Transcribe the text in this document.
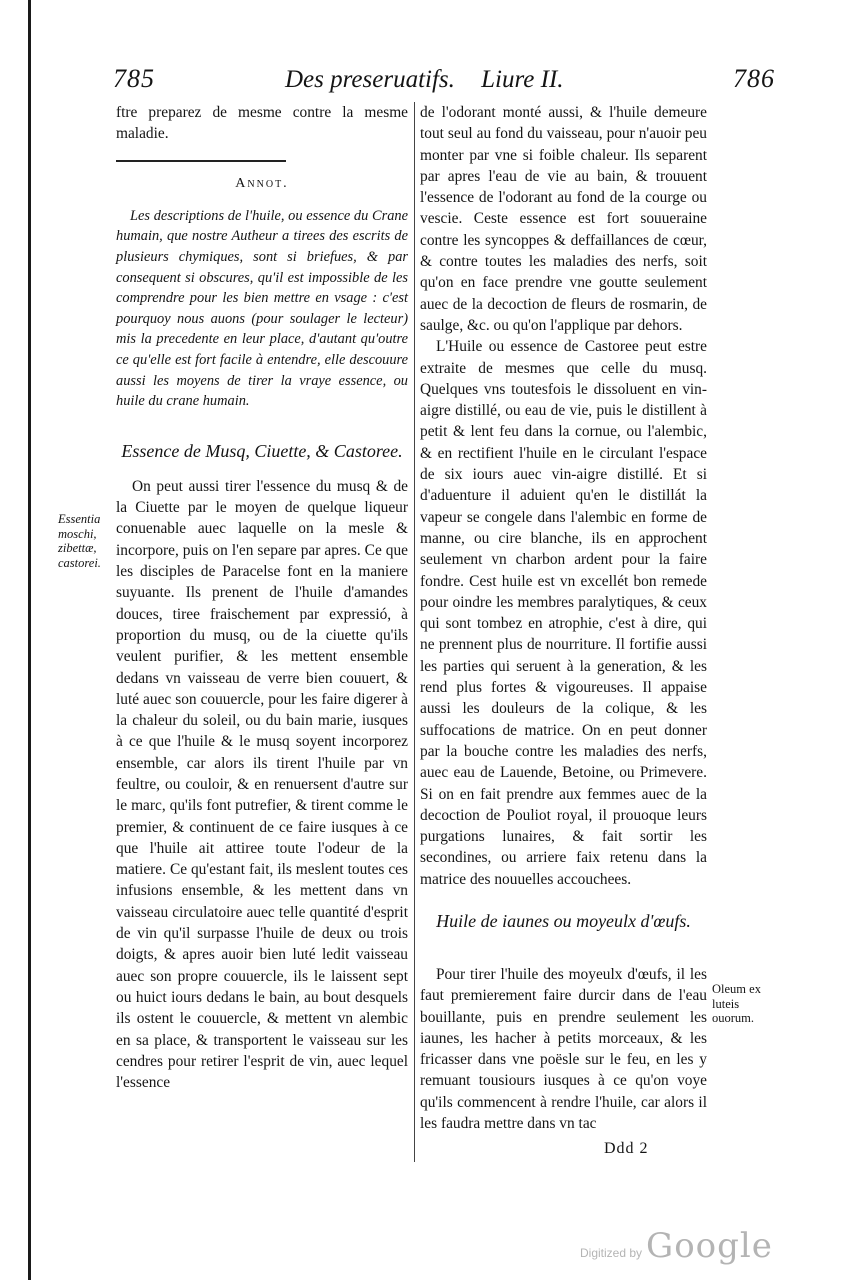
785	Des preseruatifs. Liure II.	786

ftre preparez de mesme contre la mesme maladie.

Annot.

Les descriptions de l'huile, ou essence du Crane humain, que nostre Autheur a tirees des escrits de plusieurs chymiques, sont si briefues, & par consequent si obscures, qu'il est impossible de les comprendre pour les bien mettre en vsage : c'est pourquoy nous auons (pour soulager le lecteur) mis la precedente en leur place, d'autant qu'outre ce qu'elle est fort facile à entendre, elle descouure aussi les moyens de tirer la vraye essence, ou huile du crane humain.

Essence de Musq, Ciuette, & Castoree.

On peut aussi tirer l'essence du musq & de la Ciuette par le moyen de quelque liqueur conuenable auec laquelle on la mesle & incorpore, puis on l'en separe par apres. Ce que les disciples de Paracelse font en la maniere suyuante. Ils prenent de l'huile d'amandes douces, tiree fraischement par expressió, à proportion du musq, ou de la ciuette qu'ils veulent purifier, & les mettent ensemble dedans vn vaisseau de verre bien couuert, & luté auec son couuercle, pour les faire digerer à la chaleur du soleil, ou du bain marie, iusques à ce que l'huile & le musq soyent incorporez ensemble, car alors ils tirent l'huile par vn feultre, ou couloir, & en renuersent d'autre sur le marc, qu'ils font putrefier, & tirent comme le premier, & continuent de ce faire iusques à ce que l'huile ait attiree toute l'odeur de la matiere. Ce qu'estant fait, ils meslent toutes ces infusions ensemble, & les mettent dans vn vaisseau circulatoire auec telle quantité d'esprit de vin qu'il surpasse l'huile de deux ou trois doigts, & apres auoir bien luté ledit vaisseau auec son propre couuercle, ils le laissent sept ou huict iours dedans le bain, au bout desquels ils ostent le couuercle, & mettent vn alembic en sa place, & transportent le vaisseau sur les cendres pour retirer l'esprit de vin, auec lequel l'essence

de l'odorant monté aussi, & l'huile demeure tout seul au fond du vaisseau, pour n'auoir peu monter par vne si foible chaleur. Ils separent par apres l'eau de vie au bain, & trouuent l'essence de l'odorant au fond de la courge ou vescie. Ceste essence est fort souueraine contre les syncoppes & deffaillances de cœur, & contre toutes les maladies des nerfs, soit qu'on en face prendre vne goutte seulement auec de la decoction de fleurs de rosmarin, de saulge, &c. ou qu'on l'applique par dehors.

L'Huile ou essence de Castoree peut estre extraite de mesmes que celle du musq. Quelques vns toutesfois le dissoluent en vin-aigre distillé, ou eau de vie, puis le distillent à petit & lent feu dans la cornue, ou l'alembic, & en rectifient l'huile en le circulant l'espace de six iours auec vin-aigre distillé. Et si d'aduenture il aduient qu'en le distillát la vapeur se congele dans l'alembic en forme de manne, ou cire blanche, ils en approchent seulement vn charbon ardent pour la faire fondre. Cest huile est vn excellét bon remede pour oindre les membres paralytiques, & ceux qui sont tombez en atrophie, c'est à dire, qui ne prennent plus de nourriture. Il fortifie aussi les parties qui seruent à la generation, & les rend plus fortes & vigoureuses. Il appaise aussi les douleurs de la colique, & les suffocations de matrice. On en peut donner par la bouche contre les maladies des nerfs, auec eau de Lauende, Betoine, ou Primevere. Si on en fait prendre aux femmes auec de la decoction de Pouliot royal, il prouoque leurs purgations lunaires, & fait sortir les secondines, ou arriere faix retenu dans la matrice des nouuelles accouchees.

Huile de iaunes ou moyeulx d'œufs.

Pour tirer l'huile des moyeulx d'œufs, il les faut premierement faire durcir dans de l'eau bouillante, puis en prendre seulement les iaunes, les hacher à petits morceaux, & les fricasser dans vne poësle sur le feu, en les y remuant tousiours iusques à ce qu'on voye qu'ils commencent à rendre l'huile, car alors il les faudra mettre dans vn tac

Essentia moschi, zibettæ, castorei.
Oleum ex luteis ouorum.
Ddd 2
Digitized by Google
